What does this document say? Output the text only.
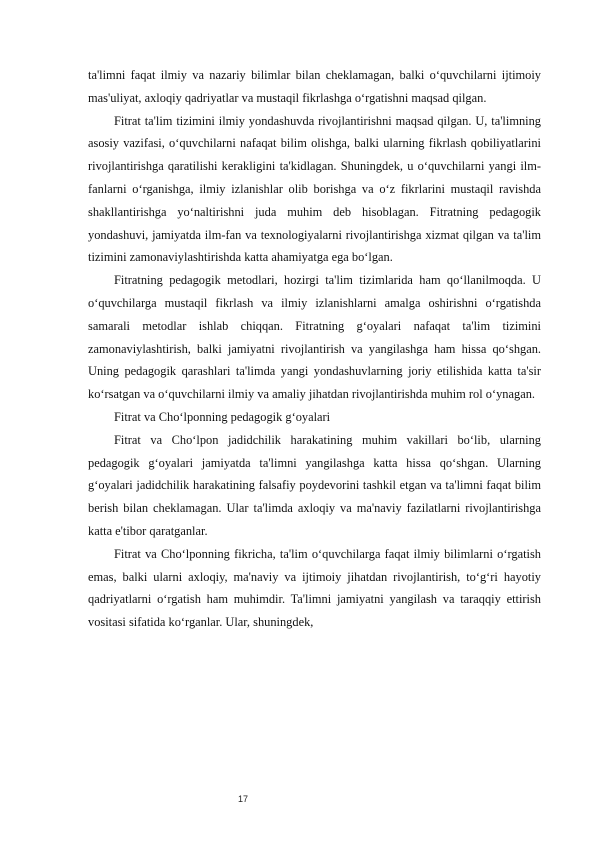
ta'limni faqat ilmiy va nazariy bilimlar bilan cheklamagan, balki o‘quvchilarni ijtimoiy mas'uliyat, axloqiy qadriyatlar va mustaqil fikrlashga o‘rgatishni maqsad qilgan.

Fitrat ta'lim tizimini ilmiy yondashuvda rivojlantirishni maqsad qilgan. U, ta'limning asosiy vazifasi, o‘quvchilarni nafaqat bilim olishga, balki ularning fikrlash qobiliyatlarini rivojlantirishga qaratilishi kerakligini ta'kidlagan. Shuningdek, u o‘quvchilarni yangi ilm-fanlarni o‘rganishga, ilmiy izlanishlar olib borishga va o‘z fikrlarini mustaqil ravishda shakllantirishga yo‘naltirishni juda muhim deb hisoblagan. Fitratning pedagogik yondashuvi, jamiyatda ilm-fan va texnologiyalarni rivojlantirishga xizmat qilgan va ta'lim tizimini zamonaviylashtirishda katta ahamiyatga ega bo‘lgan.

Fitratning pedagogik metodlari, hozirgi ta'lim tizimlarida ham qo‘llanilmoqda. U o‘quvchilarga mustaqil fikrlash va ilmiy izlanishlarni amalga oshirishni o‘rgatishda samarali metodlar ishlab chiqqan. Fitratning g‘oyalari nafaqat ta'lim tizimini zamonaviylashtirish, balki jamiyatni rivojlantirish va yangilashga ham hissa qo‘shgan. Uning pedagogik qarashlari ta'limda yangi yondashuvlarning joriy etilishida katta ta'sir ko‘rsatgan va o‘quvchilarni ilmiy va amaliy jihatdan rivojlantirishda muhim rol o‘ynagan.

Fitrat va Cho‘lponning pedagogik g‘oyalari

Fitrat va Cho‘lpon jadidchilik harakatining muhim vakillari bo‘lib, ularning pedagogik g‘oyalari jamiyatda ta'limni yangilashga katta hissa qo‘shgan. Ularning g‘oyalari jadidchilik harakatining falsafiy poydevorini tashkil etgan va ta'limni faqat bilim berish bilan cheklamagan. Ular ta'limda axloqiy va ma'naviy fazilatlarni rivojlantirishga katta e'tibor qaratganlar.

Fitrat va Cho‘lponning fikricha, ta'lim o‘quvchilarga faqat ilmiy bilimlarni o‘rgatish emas, balki ularni axloqiy, ma'naviy va ijtimoiy jihatdan rivojlantirish, to‘g‘ri hayotiy qadriyatlarni o‘rgatish ham muhimdir. Ta'limni jamiyatni yangilash va taraqqiy ettirish vositasi sifatida ko‘rganlar. Ular, shuningdek,

17
